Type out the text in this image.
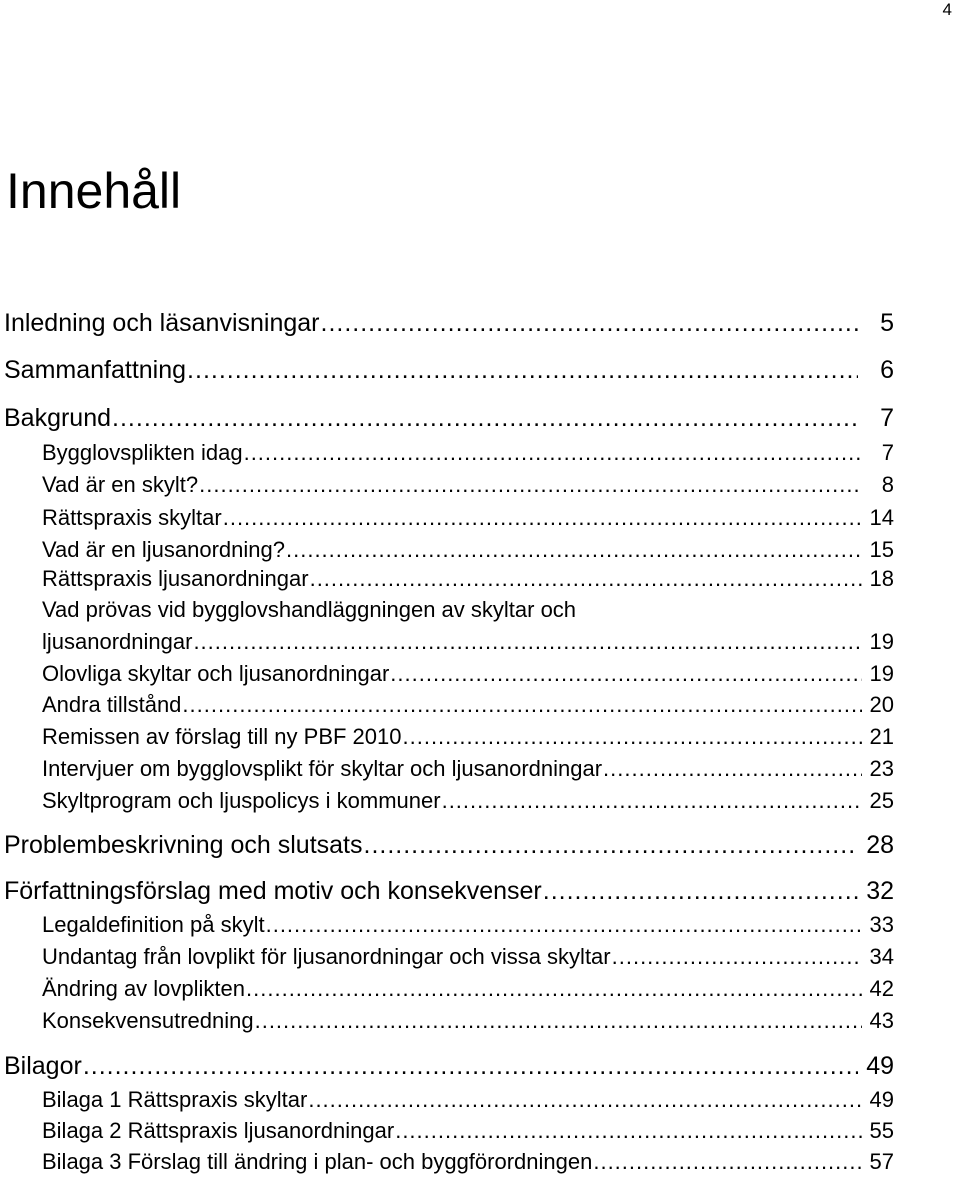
4
Innehåll
Inledning och läsanvisningar .....	5
Sammanfattning .....	6
Bakgrund .....	7
Bygglovsplikten idag .....	7
Vad är en skylt? .....	8
Rättspraxis skyltar .....	14
Vad är en ljusanordning? .....	15
Rättspraxis ljusanordningar .....	18
Vad prövas vid bygglovshandläggningen av skyltar och
ljusanordningar .....	19
Olovliga skyltar och ljusanordningar .....	19
Andra tillstånd .....	20
Remissen av förslag till ny PBF 2010 .....	21
Intervjuer om bygglovsplikt för skyltar och ljusanordningar .....	23
Skyltprogram och ljuspolicys i kommuner .....	25
Problembeskrivning och slutsats .....	28
Författningsförslag med motiv och konsekvenser .....	32
Legaldefinition på skylt .....	33
Undantag från lovplikt för ljusanordningar och vissa skyltar .....	34
Ändring av lovplikten .....	42
Konsekvensutredning .....	43
Bilagor .....	49
Bilaga 1 Rättspraxis skyltar .....	49
Bilaga 2 Rättspraxis ljusanordningar .....	55
Bilaga 3 Förslag till ändring i plan- och byggförordningen .....	57
